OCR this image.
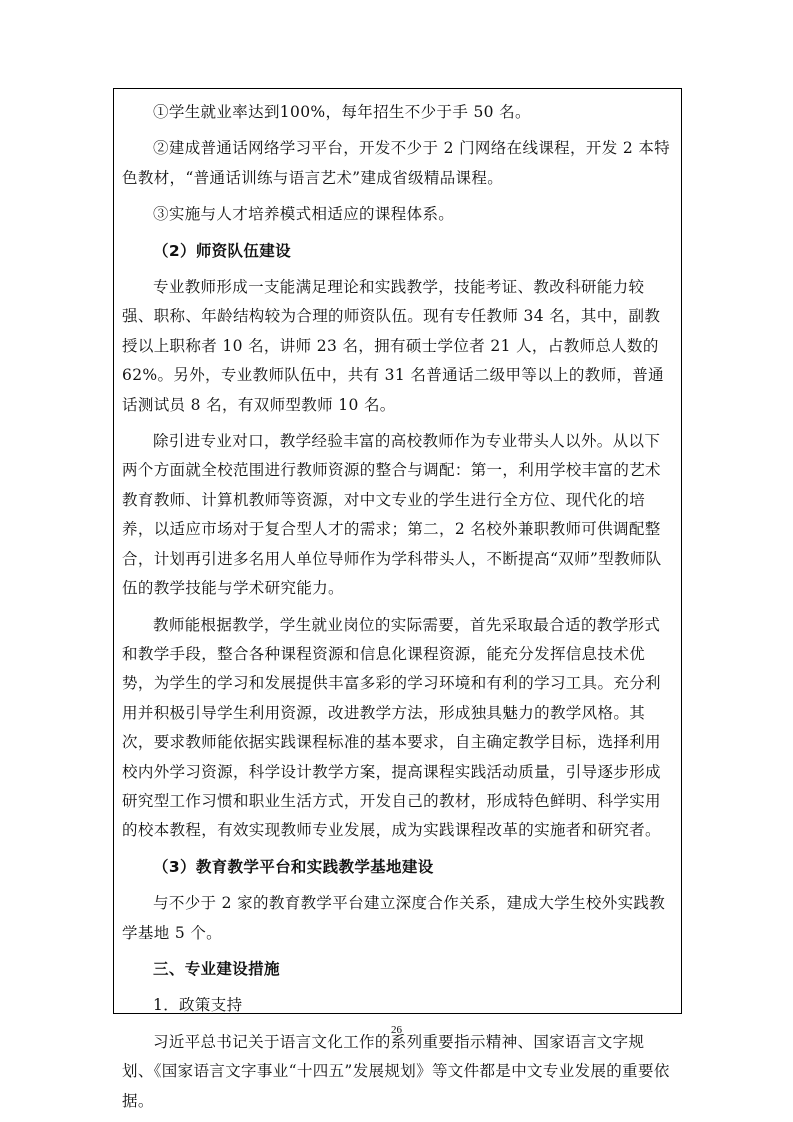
①学生就业率达到100%，每年招生不少于手 50 名。

②建成普通话网络学习平台，开发不少于 2 门网络在线课程，开发 2 本特色教材，“普通话训练与语言艺术”建成省级精品课程。

③实施与人才培养模式相适应的课程体系。

（2）师资队伍建设

专业教师形成一支能满足理论和实践教学，技能考证、教改科研能力较强、职称、年龄结构较为合理的师资队伍。现有专任教师 34 名，其中，副教授以上职称者 10 名，讲师 23 名，拥有硕士学位者 21 人，占教师总人数的 62%。另外，专业教师队伍中，共有 31 名普通话二级甲等以上的教师，普通话测试员 8 名，有双师型教师 10 名。

除引进专业对口，教学经验丰富的高校教师作为专业带头人以外。从以下两个方面就全校范围进行教师资源的整合与调配：第一，利用学校丰富的艺术教育教师、计算机教师等资源，对中文专业的学生进行全方位、现代化的培养，以适应市场对于复合型人才的需求；第二，2 名校外兼职教师可供调配整合，计划再引进多名用人单位导师作为学科带头人，不断提高“双师”型教师队伍的教学技能与学术研究能力。

教师能根据教学，学生就业岗位的实际需要，首先采取最合适的教学形式和教学手段，整合各种课程资源和信息化课程资源，能充分发挥信息技术优势，为学生的学习和发展提供丰富多彩的学习环境和有利的学习工具。充分利用并积极引导学生利用资源，改进教学方法，形成独具魅力的教学风格。其次，要求教师能依据实践课程标准的基本要求，自主确定教学目标，选择利用校内外学习资源，科学设计教学方案，提高课程实践活动质量，引导逐步形成研究型工作习惯和职业生活方式，开发自己的教材，形成特色鲜明、科学实用的校本教程，有效实现教师专业发展，成为实践课程改革的实施者和研究者。

（3）教育教学平台和实践教学基地建设

与不少于 2 家的教育教学平台建立深度合作关系，建成大学生校外实践教学基地 5 个。

三、专业建设措施

1．政策支持

习近平总书记关于语言文化工作的系列重要指示精神、国家语言文字规划、《国家语言文字事业“十四五”发展规划》等文件都是中文专业发展的重要依据。

26
